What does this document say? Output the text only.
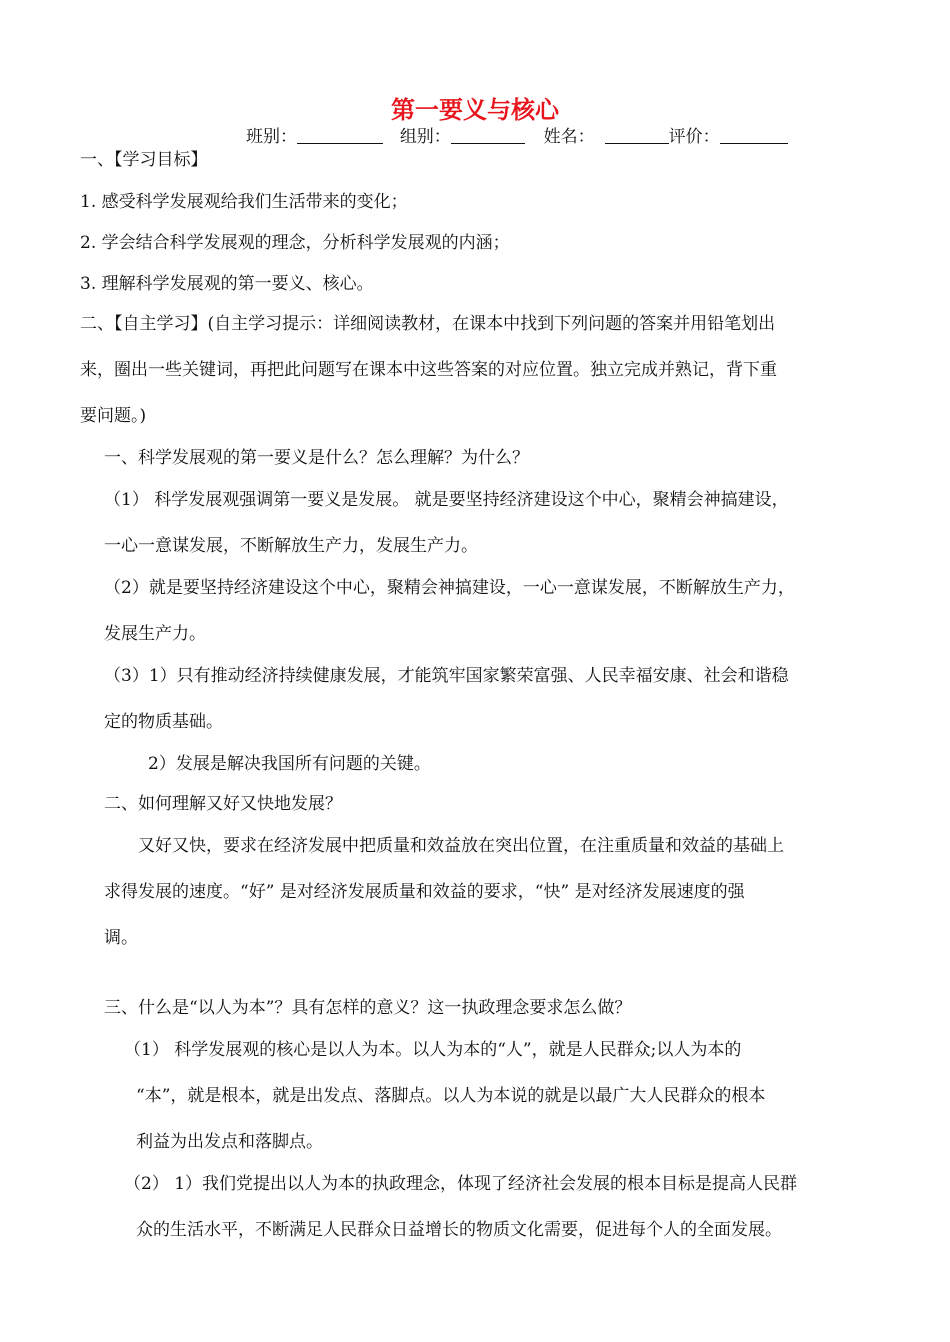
第一要义与核心
班别：	组别：	姓名：	评价：
一、【学习目标】
1. 感受科学发展观给我们生活带来的变化；
2. 学会结合科学发展观的理念，分析科学发展观的内涵；
3. 理解科学发展观的第一要义、核心。
二、【自主学习】(自主学习提示：详细阅读教材，在课本中找到下列问题的答案并用铅笔划出
来，圈出一些关键词，再把此问题写在课本中这些答案的对应位置。独立完成并熟记，背下重
要问题。)
一、科学发展观的第一要义是什么？怎么理解？为什么？
（1） 科学发展观强调第一要义是发展。 就是要坚持经济建设这个中心，聚精会神搞建设，
一心一意谋发展，不断解放生产力，发展生产力。
（2）就是要坚持经济建设这个中心，聚精会神搞建设，一心一意谋发展，不断解放生产力，
发展生产力。
（3）1）只有推动经济持续健康发展，才能筑牢国家繁荣富强、人民幸福安康、社会和谐稳
定的物质基础。
2）发展是解决我国所有问题的关键。
二、如何理解又好又快地发展？
又好又快，要求在经济发展中把质量和效益放在突出位置，在注重质量和效益的基础上
求得发展的速度。“好” 是对经济发展质量和效益的要求，“快” 是对经济发展速度的强
调。
三、什么是“以人为本”？具有怎样的意义？这一执政理念要求怎么做？
（1） 科学发展观的核心是以人为本。以人为本的“人”，就是人民群众;以人为本的
“本”，就是根本，就是出发点、落脚点。以人为本说的就是以最广大人民群众的根本
利益为出发点和落脚点。
（2） 1）我们党提出以人为本的执政理念，体现了经济社会发展的根本目标是提高人民群
众的生活水平，不断满足人民群众日益增长的物质文化需要，促进每个人的全面发展。
